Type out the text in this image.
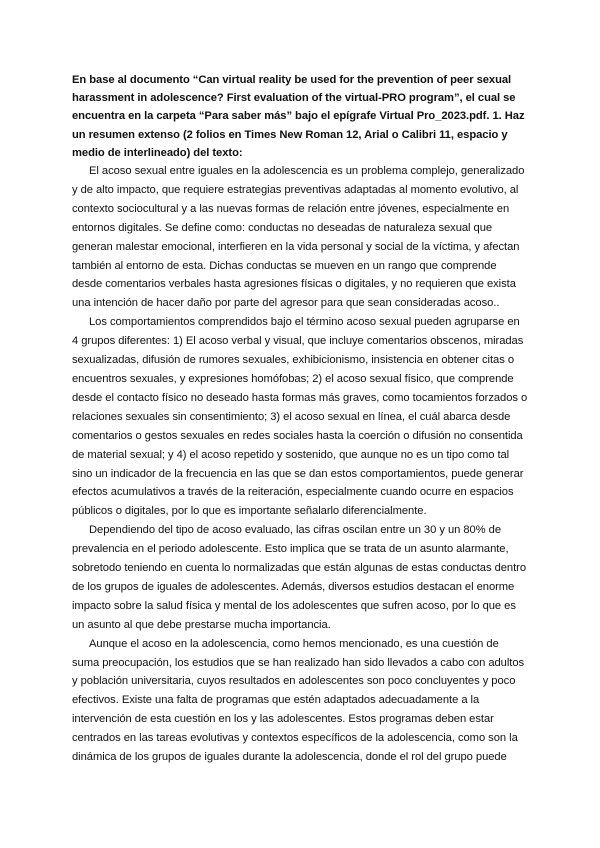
En base al documento “Can virtual reality be used for the prevention of peer sexual harassment in adolescence? First evaluation of the virtual-PRO program”, el cual se encuentra en la carpeta “Para saber más” bajo el epígrafe Virtual Pro_2023.pdf. 1. Haz un resumen extenso (2 folios en Times New Roman 12, Arial o Calibri 11, espacio y medio de interlineado) del texto:

El acoso sexual entre iguales en la adolescencia es un problema complejo, generalizado y de alto impacto, que requiere estrategias preventivas adaptadas al momento evolutivo, al contexto sociocultural y a las nuevas formas de relación entre jóvenes, especialmente en entornos digitales. Se define como: conductas no deseadas de naturaleza sexual que generan malestar emocional, interfieren en la vida personal y social de la víctima, y afectan también al entorno de esta. Dichas conductas se mueven en un rango que comprende desde comentarios verbales hasta agresiones físicas o digitales, y no requieren que exista una intención de hacer daño por parte del agresor para que sean consideradas acoso..

Los comportamientos comprendidos bajo el término acoso sexual pueden agruparse en 4 grupos diferentes: 1) El acoso verbal y visual, que incluye comentarios obscenos, miradas sexualizadas, difusión de rumores sexuales, exhibicionismo, insistencia en obtener citas o encuentros sexuales, y expresiones homófobas; 2) el acoso sexual físico, que comprende desde el contacto físico no deseado hasta formas más graves, como tocamientos forzados o relaciones sexuales sin consentimiento; 3) el acoso sexual en línea, el cuál abarca desde comentarios o gestos sexuales en redes sociales hasta la coerción o difusión no consentida de material sexual; y 4) el acoso repetido y sostenido, que aunque no es un tipo como tal sino un indicador de la frecuencia en las que se dan estos comportamientos, puede generar efectos acumulativos a través de la reiteración, especialmente cuando ocurre en espacios públicos o digitales, por lo que es importante señalarlo diferencialmente.

Dependiendo del tipo de acoso evaluado, las cifras oscilan entre un 30 y un 80% de prevalencia en el periodo adolescente. Esto implica que se trata de un asunto alarmante, sobretodo teniendo en cuenta lo normalizadas que están algunas de estas conductas dentro de los grupos de iguales de adolescentes. Además, diversos estudios destacan el enorme impacto sobre la salud física y mental de los adolescentes que sufren acoso, por lo que es un asunto al que debe prestarse mucha importancia.

Aunque el acoso en la adolescencia, como hemos mencionado, es una cuestión de suma preocupación, los estudios que se han realizado han sido llevados a cabo con adultos y población universitaria, cuyos resultados en adolescentes son poco concluyentes y poco efectivos. Existe una falta de programas que estén adaptados adecuadamente a la intervención de esta cuestión en los y las adolescentes. Estos programas deben estar centrados en las tareas evolutivas y contextos específicos de la adolescencia, como son la dinámica de los grupos de iguales durante la adolescencia, donde el rol del grupo puede
